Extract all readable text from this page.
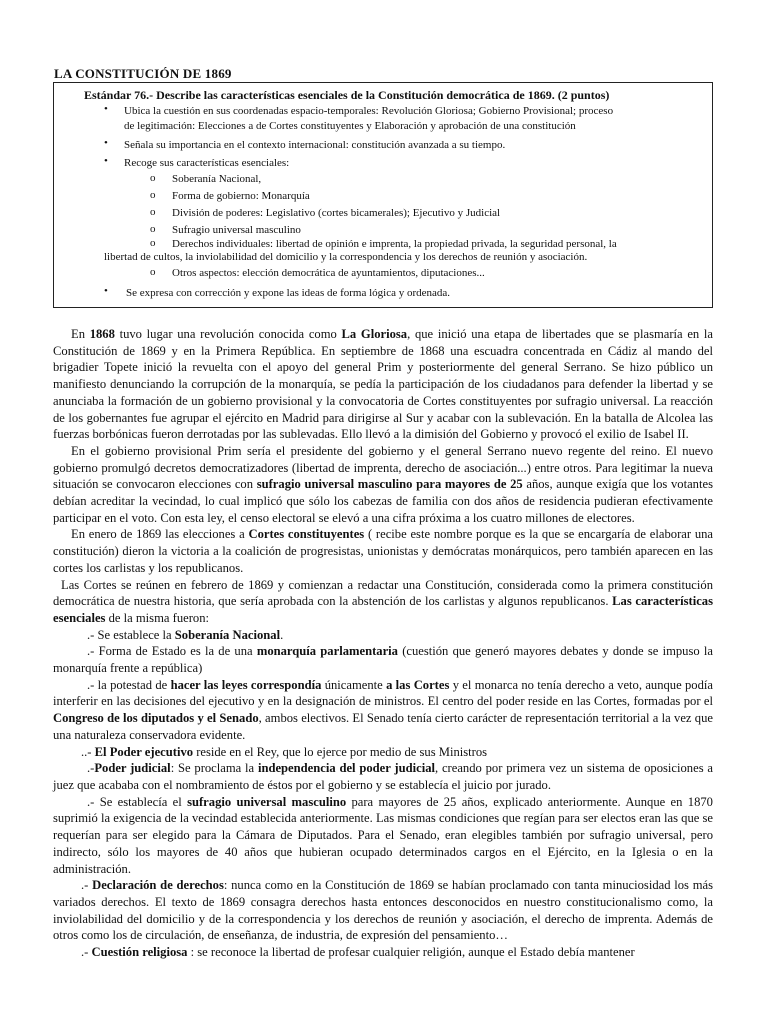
LA CONSTITUCIÓN DE 1869
Estándar 76.- Describe las características esenciales de la Constitución democrática de 1869. (2 puntos)
• Ubica la cuestión en sus coordenadas espacio-temporales: Revolución Gloriosa; Gobierno Provisional; proceso
de legitimación: Elecciones a de Cortes constituyentes y Elaboración y aprobación de una constitución
• Señala su importancia en el contexto internacional: constitución avanzada a su tiempo.
• Recoge sus características esenciales:
o Soberanía Nacional,
o Forma de gobierno: Monarquía
o División de poderes: Legislativo (cortes bicamerales); Ejecutivo y Judicial
o Sufragio universal masculino
o Derechos individuales: libertad de opinión e imprenta, la propiedad privada, la seguridad personal, la
libertad de cultos, la inviolabilidad del domicilio y la correspondencia y los derechos de reunión y asociación.
o Otros aspectos: elección democrática de ayuntamientos, diputaciones...
• Se expresa con corrección y expone las ideas de forma lógica y ordenada.

En 1868 tuvo lugar una revolución conocida como La Gloriosa, que inició una etapa de libertades que se plasmaría en la Constitución de 1869 y en la Primera República. En septiembre de 1868 una escuadra concentrada en Cádiz al mando del brigadier Topete inició la revuelta con el apoyo del general Prim y posteriormente del general Serrano. Se hizo público un manifiesto denunciando la corrupción de la monarquía, se pedía la participación de los ciudadanos para defender la libertad y se anunciaba la formación de un gobierno provisional y la convocatoria de Cortes constituyentes por sufragio universal. La reacción de los gobernantes fue agrupar el ejército en Madrid para dirigirse al Sur y acabar con la sublevación. En la batalla de Alcolea las fuerzas borbónicas fueron derrotadas por las sublevadas. Ello llevó a la dimisión del Gobierno y provocó el exilio de Isabel II.

En el gobierno provisional Prim sería el presidente del gobierno y el general Serrano nuevo regente del reino. El nuevo gobierno promulgó decretos democratizadores (libertad de imprenta, derecho de asociación...) entre otros. Para legitimar la nueva situación se convocaron elecciones con sufragio universal masculino para mayores de 25 años, aunque exigía que los votantes debían acreditar la vecindad, lo cual implicó que sólo los cabezas de familia con dos años de residencia pudieran efectivamente participar en el voto. Con esta ley, el censo electoral se elevó a una cifra próxima a los cuatro millones de electores.

En enero de 1869 las elecciones a Cortes constituyentes ( recibe este nombre porque es la que se encargaría de elaborar una constitución) dieron la victoria a la coalición de progresistas, unionistas y demócratas monárquicos, pero también aparecen en las cortes los carlistas y los republicanos.

Las Cortes se reúnen en febrero de 1869 y comienzan a redactar una Constitución, considerada como la primera constitución democrática de nuestra historia, que sería aprobada con la abstención de los carlistas y algunos republicanos. Las características esenciales de la misma fueron:

.- Se establece la Soberanía Nacional.

.- Forma de Estado es la de una monarquía parlamentaria (cuestión que generó mayores debates y donde se impuso la monarquía frente a república)

.- la potestad de hacer las leyes correspondía únicamente a las Cortes y el monarca no tenía derecho a veto, aunque podía interferir en las decisiones del ejecutivo y en la designación de ministros. El centro del poder reside en las Cortes, formadas por el Congreso de los diputados y el Senado, ambos electivos. El Senado tenía cierto carácter de representación territorial a la vez que una naturaleza conservadora evidente.

..- El Poder ejecutivo reside en el Rey, que lo ejerce por medio de sus Ministros

.-Poder judicial: Se proclama la independencia del poder judicial, creando por primera vez un sistema de oposiciones a juez que acababa con el nombramiento de éstos por el gobierno y se establecía el juicio por jurado.

.- Se establecía el sufragio universal masculino para mayores de 25 años, explicado anteriormente. Aunque en 1870 suprimió la exigencia de la vecindad establecida anteriormente. Las mismas condiciones que regían para ser electos eran las que se requerían para ser elegido para la Cámara de Diputados. Para el Senado, eran elegibles también por sufragio universal, pero indirecto, sólo los mayores de 40 años que hubieran ocupado determinados cargos en el Ejército, en la Iglesia o en la administración.

.- Declaración de derechos: nunca como en la Constitución de 1869 se habían proclamado con tanta minuciosidad los más variados derechos. El texto de 1869 consagra derechos hasta entonces desconocidos en nuestro constitucionalismo como, la inviolabilidad del domicilio y de la correspondencia y los derechos de reunión y asociación, el derecho de imprenta. Además de otros como los de circulación, de enseñanza, de industria, de expresión del pensamiento…

.- Cuestión religiosa : se reconoce la libertad de profesar cualquier religión, aunque el Estado debía mantener
